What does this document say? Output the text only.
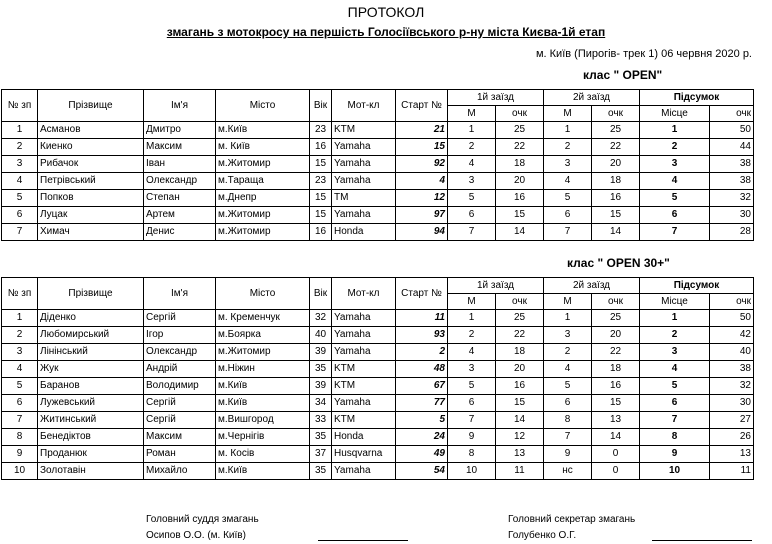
ПРОТОКОЛ
змагань з мотокросу на першість Голосіївського р-ну міста Києва-1й етап
м. Київ (Пирогів- трек 1) 06 червня 2020 р.
клас " OPEN"
№ зп	Прізвище	Ім'я	Місто	Вік	Мот-кл	Старт №	1й заїзд		2й заїзд		Підсумок	
							М	очк	М	очк	Місце	очк
1	Асманов	Дмитро	м.Київ	23	KTM	21	1	25	1	25	1	50
2	Киенко	Максим	м. Київ	16	Yamaha	15	2	22	2	22	2	44
3	Рибачок	Іван	м.Житомир	15	Yamaha	92	4	18	3	20	3	38
4	Петрівський	Олександр	м.Тараща	23	Yamaha	4	3	20	4	18	4	38
5	Попков	Степан	м.Днепр	15	TM	12	5	16	5	16	5	32
6	Луцак	Артем	м.Житомир	15	Yamaha	97	6	15	6	15	6	30
7	Химач	Денис	м.Житомир	16	Honda	94	7	14	7	14	7	28
клас " OPEN 30+"
№ зп	Прізвище	Ім'я	Місто	Вік	Мот-кл	Старт №	1й заїзд		2й заїзд		Підсумок	
							М	очк	М	очк	Місце	очк
1	Діденко	Сергій	м. Кременчук	32	Yamaha	11	1	25	1	25	1	50
2	Любомирський	Ігор	м.Боярка	40	Yamaha	93	2	22	3	20	2	42
3	Лінінський	Олександр	м.Житомир	39	Yamaha	2	4	18	2	22	3	40
4	Жук	Андрій	м.Ніжин	35	KTM	48	3	20	4	18	4	38
5	Баранов	Володимир	м.Київ	39	KTM	67	5	16	5	16	5	32
6	Лужевський	Сергій	м.Київ	34	Yamaha	77	6	15	6	15	6	30
7	Житинський	Сергій	м.Вишгород	33	KTM	5	7	14	8	13	7	27
8	Бенедіктов	Максим	м.Чернігів	35	Honda	24	9	12	7	14	8	26
9	Проданюк	Роман	м. Косів	37	Husqvarna	49	8	13	9	0	9	13
10	Золотавін	Михайло	м.Київ	35	Yamaha	54	10	11	нс	0	10	11
Головний суддя змагань
Осипов О.О. (м. Київ)
Головний секретар змагань
Голубенко О.Г.
